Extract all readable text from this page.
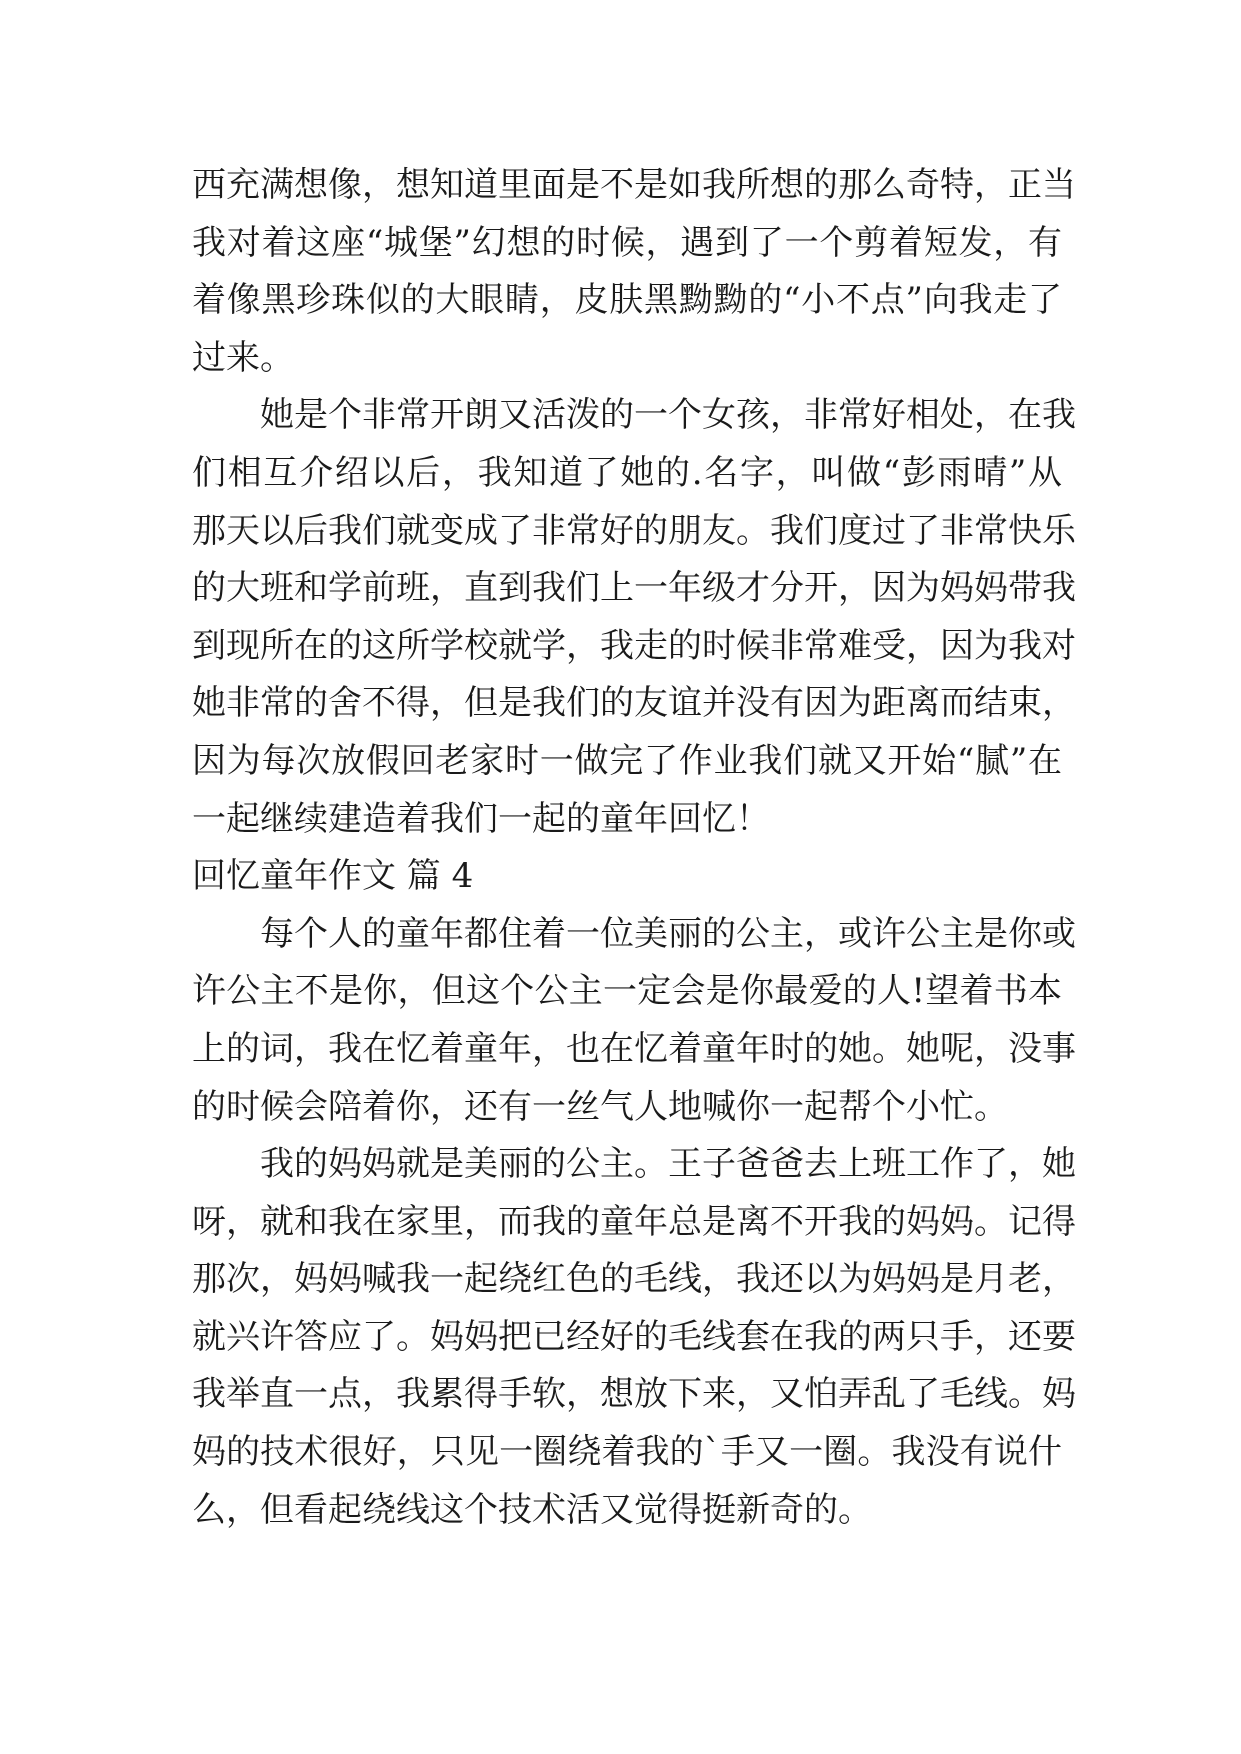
西充满想像，想知道里面是不是如我所想的那么奇特，正当
我对着这座“城堡”幻想的时候，遇到了一个剪着短发，有
着像黑珍珠似的大眼睛，皮肤黑黝黝的“小不点”向我走了
过来。
她是个非常开朗又活泼的一个女孩，非常好相处，在我
们相互介绍以后，我知道了她的.名字，叫做“彭雨晴”从
那天以后我们就变成了非常好的朋友。我们度过了非常快乐
的大班和学前班，直到我们上一年级才分开，因为妈妈带我
到现所在的这所学校就学，我走的时候非常难受，因为我对
她非常的舍不得，但是我们的友谊并没有因为距离而结束，
因为每次放假回老家时一做完了作业我们就又开始“腻”在
一起继续建造着我们一起的童年回忆！
回忆童年作文 篇 4
每个人的童年都住着一位美丽的公主，或许公主是你或
许公主不是你，但这个公主一定会是你最爱的人!望着书本
上的词，我在忆着童年，也在忆着童年时的她。她呢，没事
的时候会陪着你，还有一丝气人地喊你一起帮个小忙。
我的妈妈就是美丽的公主。王子爸爸去上班工作了，她
呀，就和我在家里，而我的童年总是离不开我的妈妈。记得
那次，妈妈喊我一起绕红色的毛线，我还以为妈妈是月老，
就兴许答应了。妈妈把已经好的毛线套在我的两只手，还要
我举直一点，我累得手软，想放下来，又怕弄乱了毛线。妈
妈的技术很好，只见一圈绕着我的`手又一圈。我没有说什
么，但看起绕线这个技术活又觉得挺新奇的。
